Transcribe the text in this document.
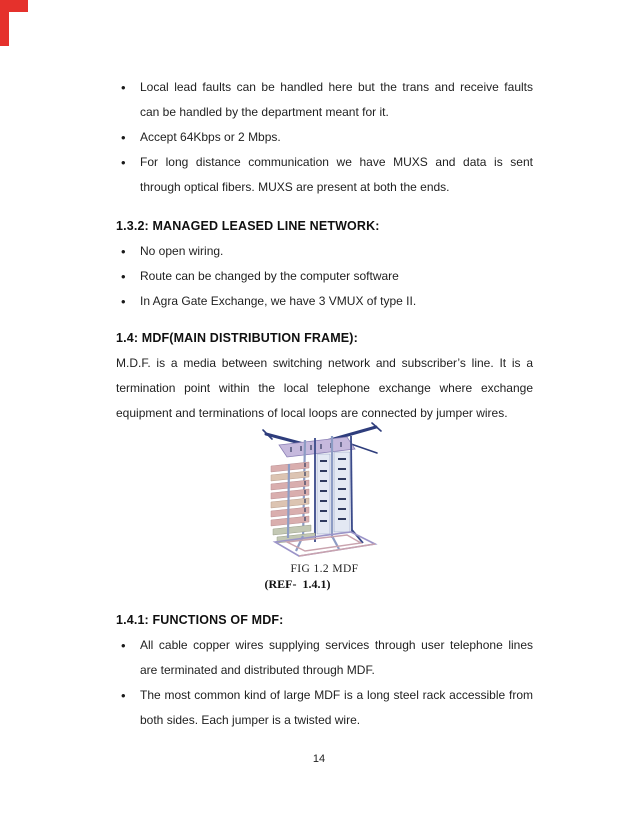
• Local lead faults can be handled here but the trans and receive faults
can be handled by the department meant for it.
• Accept 64Kbps or 2 Mbps.
• For long distance communication we have MUXS and data is sent
through optical fibers. MUXS are present at both the ends.
1.3.2: MANAGED LEASED LINE NETWORK:
• No open wiring.
• Route can be changed by the computer software
• In Agra Gate Exchange, we have 3 VMUX of type II.
1.4: MDF(MAIN DISTRIBUTION FRAME):
M.D.F. is a media between switching network and subscriber’s line. It is a
termination point within the local telephone exchange where exchange
equipment and terminations of local loops are connected by jumper wires.
FIG 1.2 MDF
(REF-  1.4.1)
1.4.1: FUNCTIONS OF MDF:
• All cable copper wires supplying services through user telephone lines
are terminated and distributed through MDF.
• The most common kind of large MDF is a long steel rack accessible from
both sides. Each jumper is a twisted wire.
14
